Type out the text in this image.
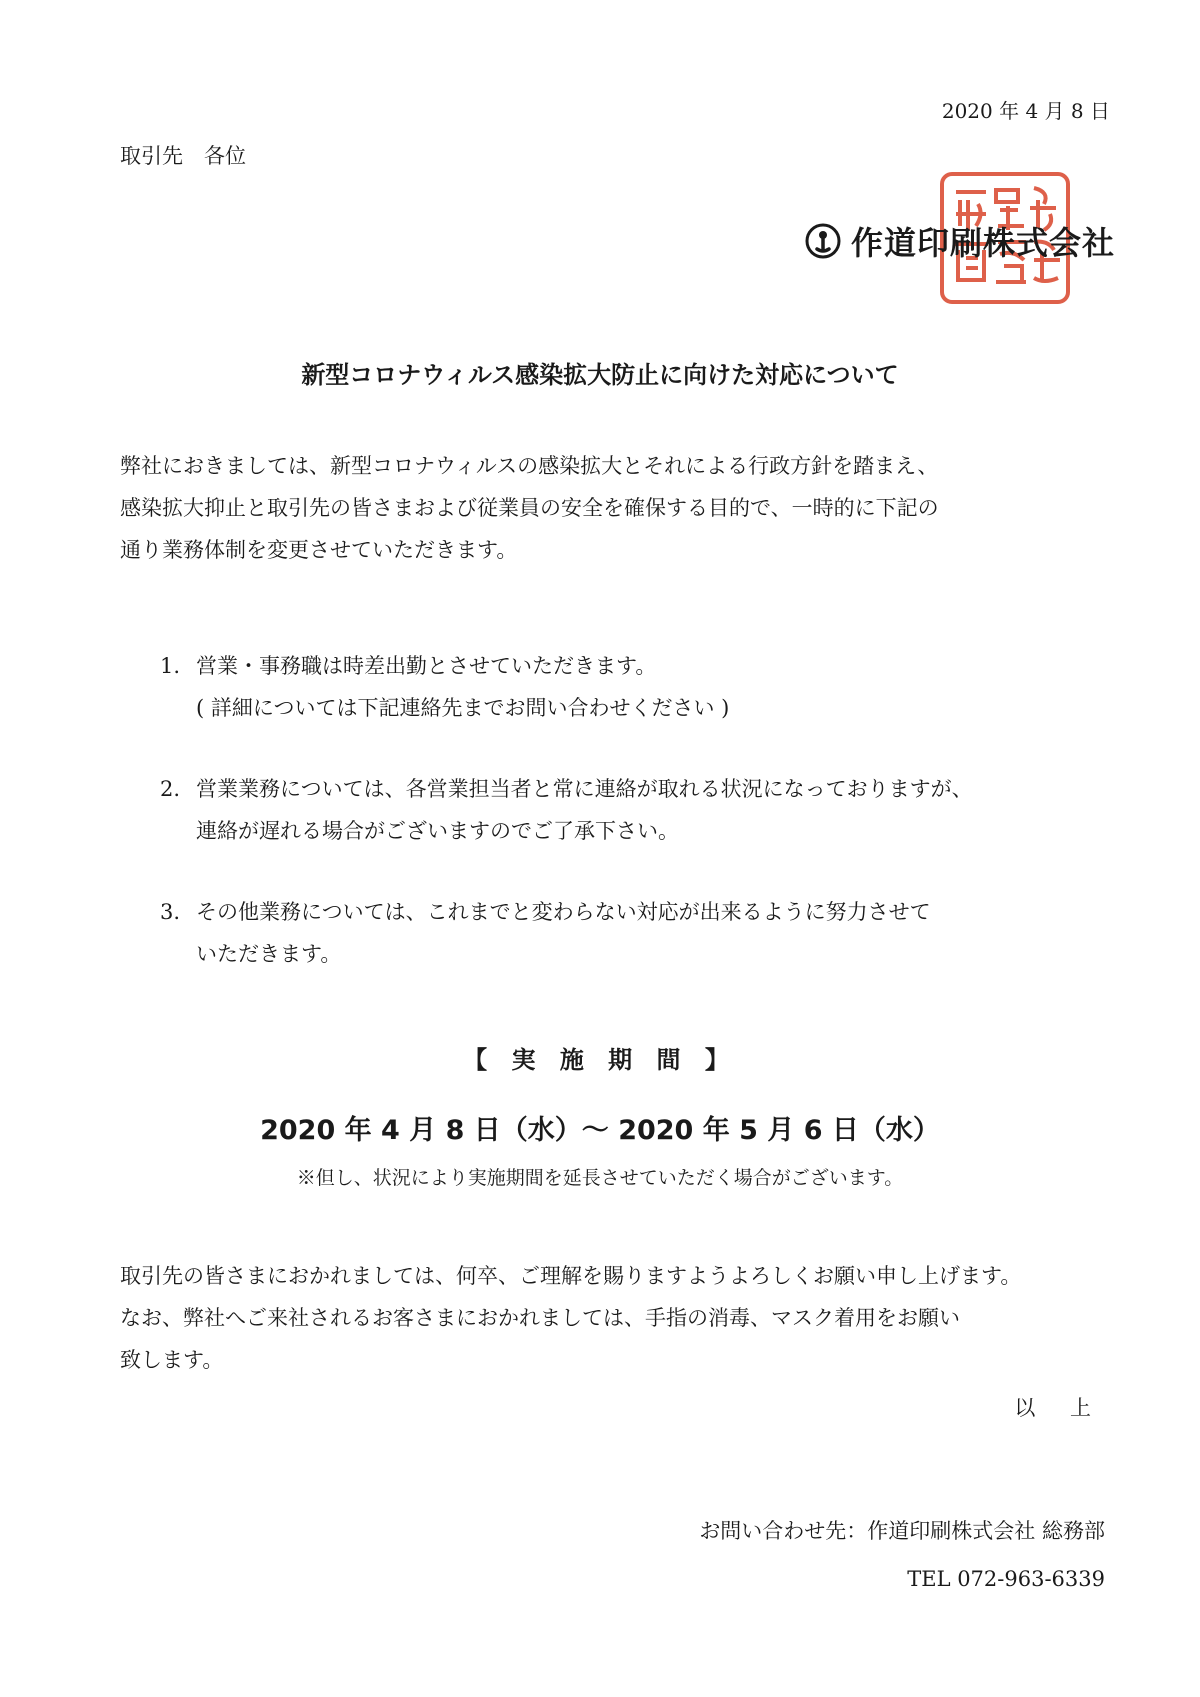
2020 年 4 月 8 日
取引先　各位
作道印刷株式会社
新型コロナウィルス感染拡大防止に向けた対応について
弊社におきましては、新型コロナウィルスの感染拡大とそれによる行政方針を踏まえ、
感染拡大抑止と取引先の皆さまおよび従業員の安全を確保する目的で、一時的に下記の
通り業務体制を変更させていただきます。
1. 営業・事務職は時差出勤とさせていただきます。
( 詳細については下記連絡先までお問い合わせください )
2. 営業業務については、各営業担当者と常に連絡が取れる状況になっておりますが、
連絡が遅れる場合がございますのでご了承下さい。
3. その他業務については、これまでと変わらない対応が出来るように努力させて
いただきます。
【 実 施 期 間 】
2020 年 4 月 8 日（水）～ 2020 年 5 月 6 日（水）
※但し、状況により実施期間を延長させていただく場合がございます。
取引先の皆さまにおかれましては、何卒、ご理解を賜りますようよろしくお願い申し上げます。
なお、弊社へご来社されるお客さまにおかれましては、手指の消毒、マスク着用をお願い
致します。
以 上
お問い合わせ先：作道印刷株式会社 総務部
TEL 072-963-6339
